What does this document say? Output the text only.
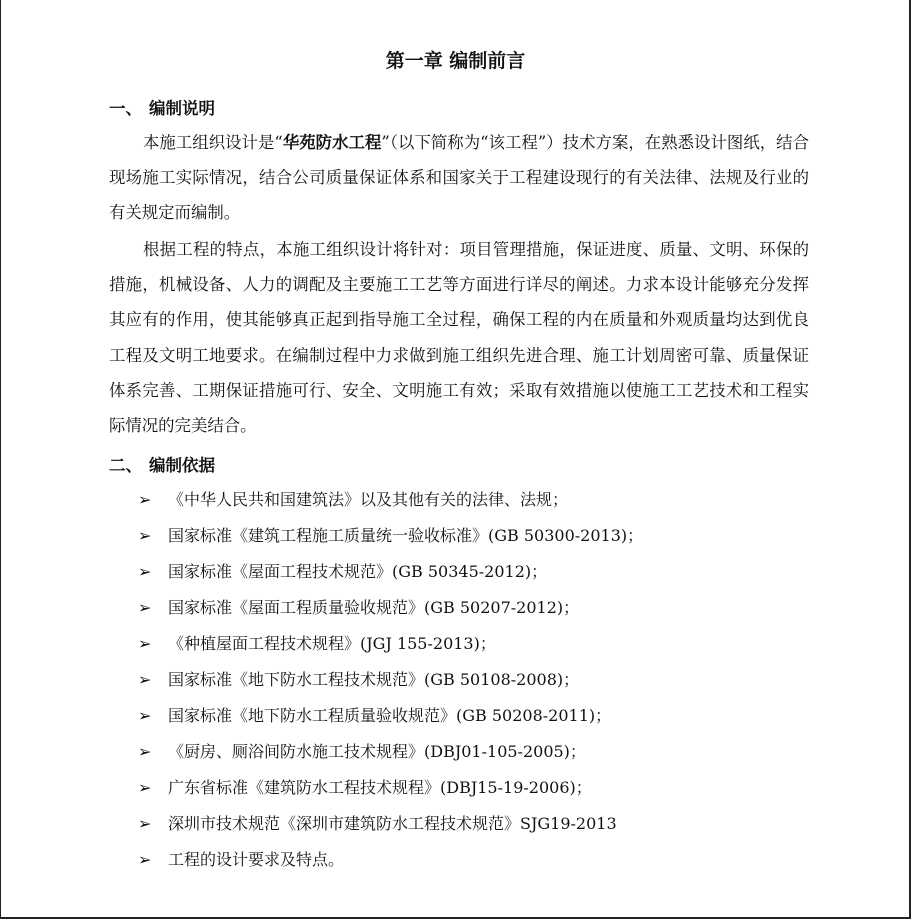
第一章 编制前言
一、 编制说明
本施工组织设计是“华苑防水工程”（以下简称为“该工程”）技术方案，在熟悉设计图纸，结合现场施工实际情况，结合公司质量保证体系和国家关于工程建设现行的有关法律、法规及行业的有关规定而编制。
根据工程的特点，本施工组织设计将针对：项目管理措施，保证进度、质量、文明、环保的措施，机械设备、人力的调配及主要施工工艺等方面进行详尽的阐述。力求本设计能够充分发挥其应有的作用，使其能够真正起到指导施工全过程，确保工程的内在质量和外观质量均达到优良工程及文明工地要求。在编制过程中力求做到施工组织先进合理、施工计划周密可靠、质量保证体系完善、工期保证措施可行、安全、文明施工有效；采取有效措施以使施工工艺技术和工程实际情况的完美结合。
二、 编制依据
➢ 《中华人民共和国建筑法》以及其他有关的法律、法规；
➢ 国家标准《建筑工程施工质量统一验收标准》(GB 50300-2013)；
➢ 国家标准《屋面工程技术规范》(GB 50345-2012)；
➢ 国家标准《屋面工程质量验收规范》(GB 50207-2012)；
➢ 《种植屋面工程技术规程》(JGJ 155-2013)；
➢ 国家标准《地下防水工程技术规范》(GB 50108-2008)；
➢ 国家标准《地下防水工程质量验收规范》(GB 50208-2011)；
➢ 《厨房、厕浴间防水施工技术规程》(DBJ01-105-2005)；
➢ 广东省标准《建筑防水工程技术规程》(DBJ15-19-2006)；
➢ 深圳市技术规范《深圳市建筑防水工程技术规范》SJG19-2013
➢ 工程的设计要求及特点。
